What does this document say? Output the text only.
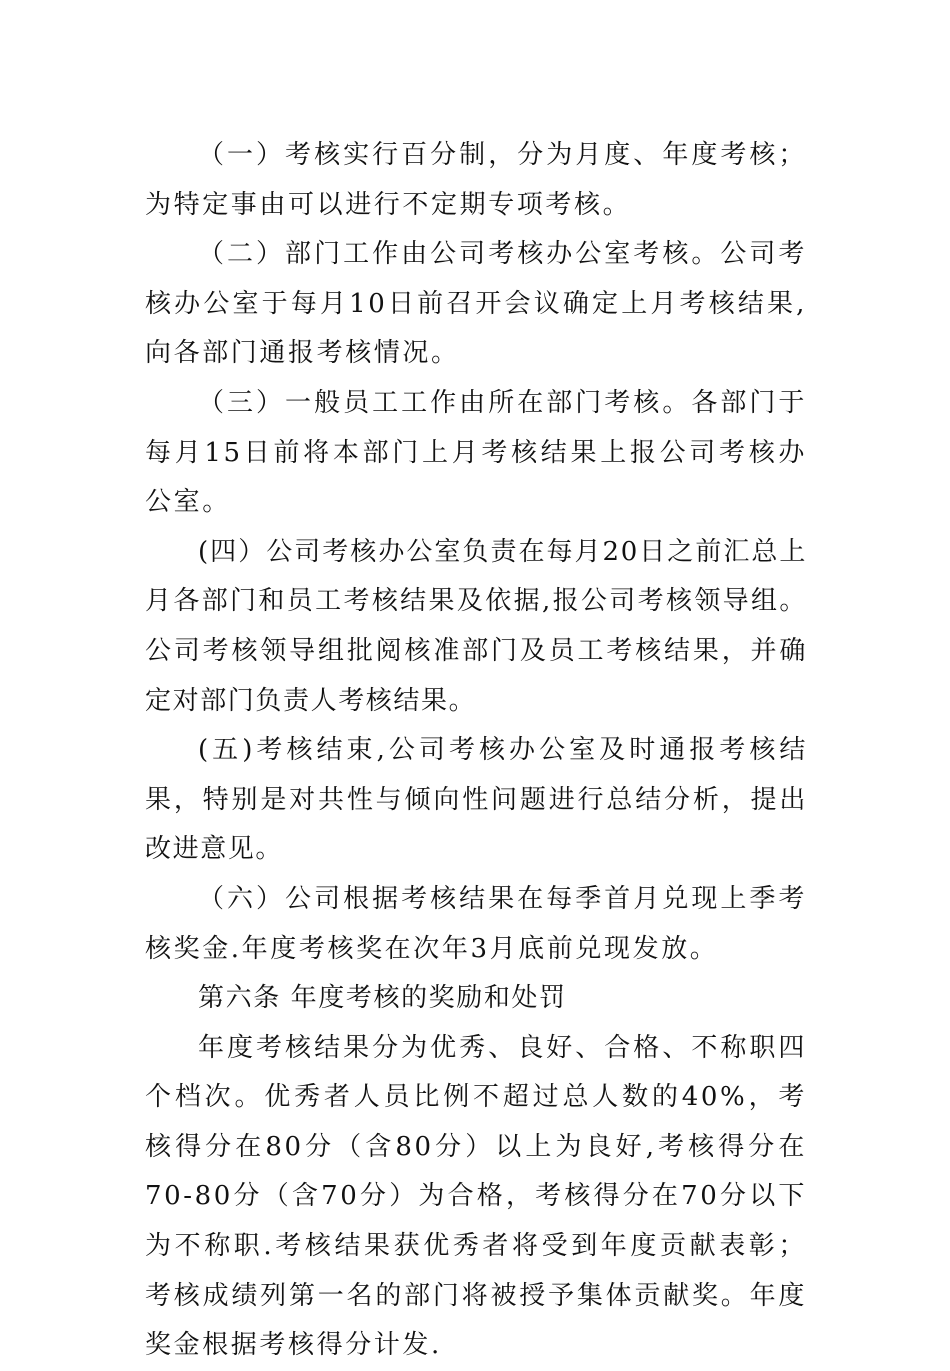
（一）考核实行百分制，分为月度、年度考核；为特定事由可以进行不定期专项考核。

（二）部门工作由公司考核办公室考核。公司考核办公室于每月10日前召开会议确定上月考核结果,向各部门通报考核情况。

（三）一般员工工作由所在部门考核。各部门于每月15日前将本部门上月考核结果上报公司考核办公室。

(四）公司考核办公室负责在每月20日之前汇总上月各部门和员工考核结果及依据,报公司考核领导组。公司考核领导组批阅核准部门及员工考核结果，并确定对部门负责人考核结果。

(五)考核结束,公司考核办公室及时通报考核结果，特别是对共性与倾向性问题进行总结分析，提出改进意见。

（六）公司根据考核结果在每季首月兑现上季考核奖金.年度考核奖在次年3月底前兑现发放。

第六条 年度考核的奖励和处罚

年度考核结果分为优秀、良好、合格、不称职四个档次。优秀者人员比例不超过总人数的40%，考核得分在80分（含80分）以上为良好,考核得分在70-80分（含70分）为合格，考核得分在70分以下为不称职.考核结果获优秀者将受到年度贡献表彰；考核成绩列第一名的部门将被授予集体贡献奖。年度奖金根据考核得分计发.
